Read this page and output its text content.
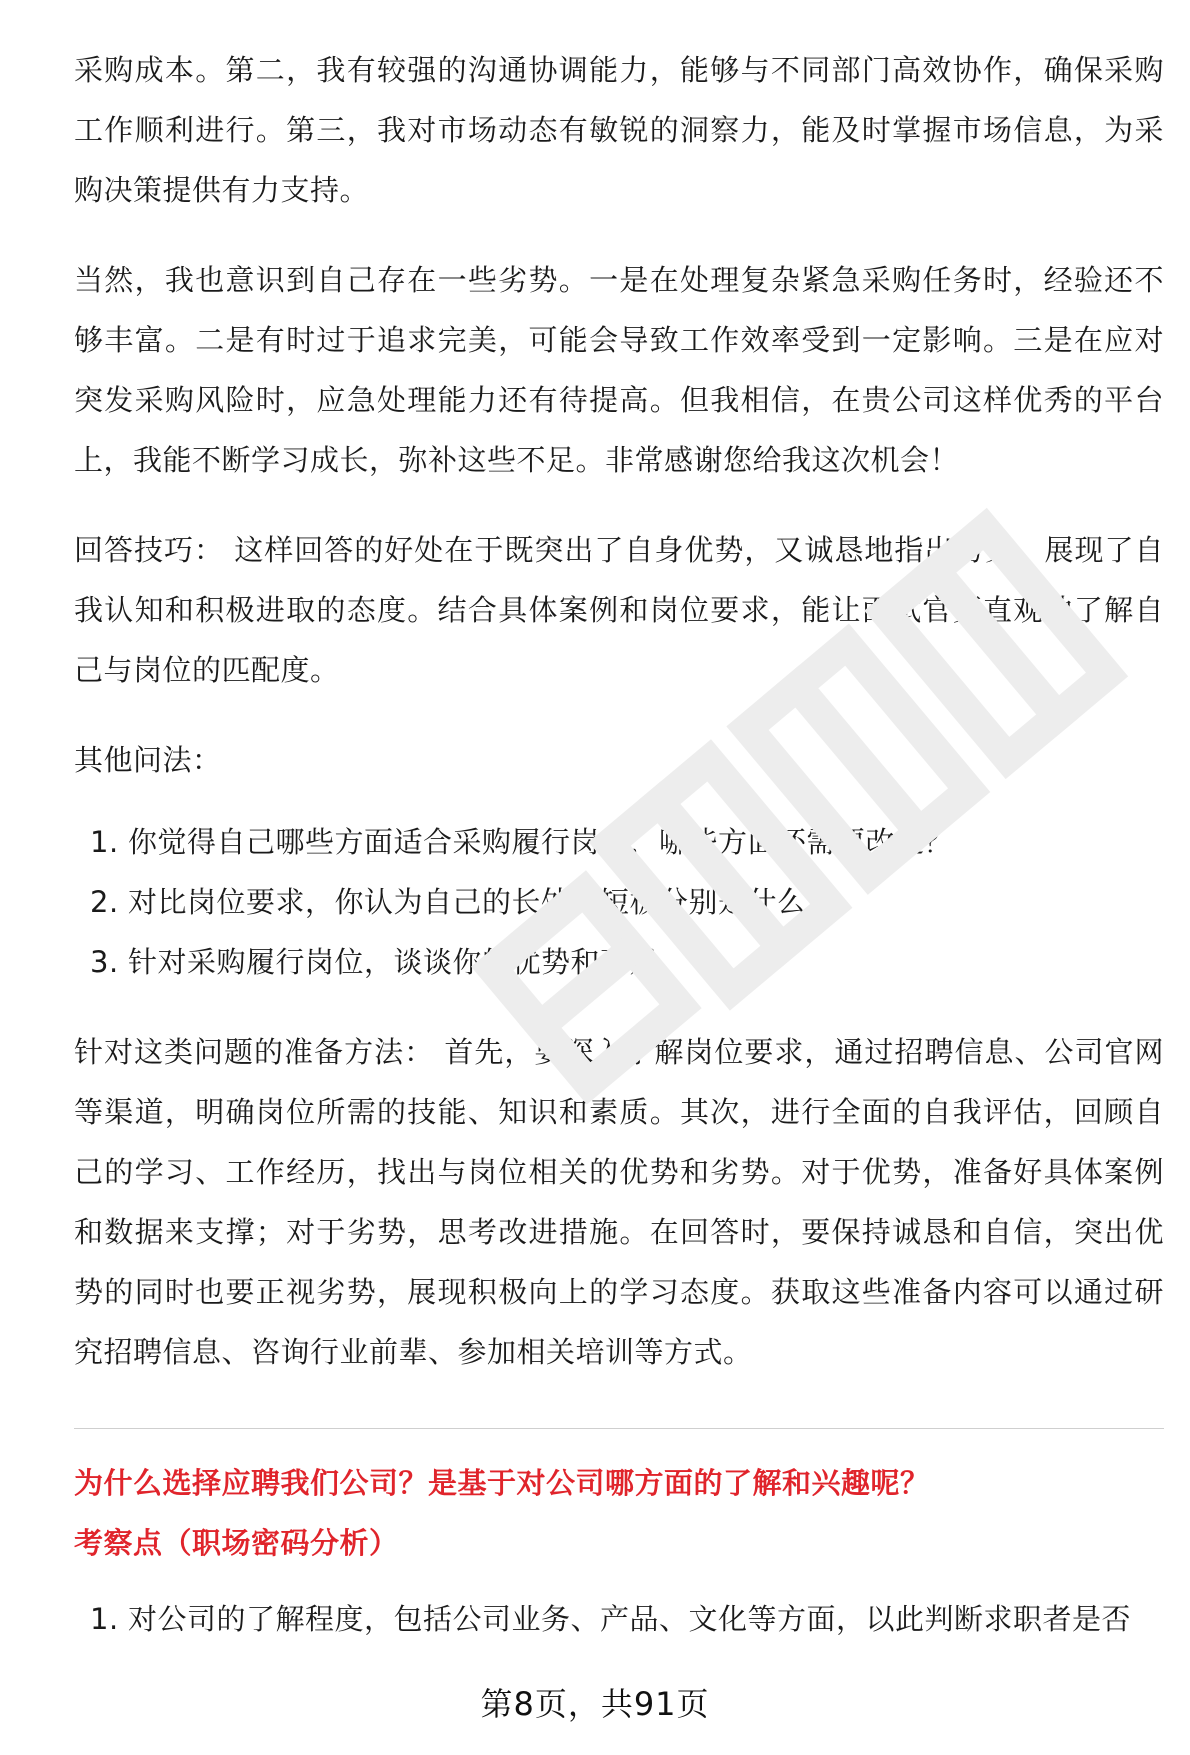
采购成本。第二，我有较强的沟通协调能力，能够与不同部门高效协作，确保采购工作顺利进行。第三，我对市场动态有敏锐的洞察力，能及时掌握市场信息，为采购决策提供有力支持。

当然，我也意识到自己存在一些劣势。一是在处理复杂紧急采购任务时，经验还不够丰富。二是有时过于追求完美，可能会导致工作效率受到一定影响。三是在应对突发采购风险时，应急处理能力还有待提高。但我相信，在贵公司这样优秀的平台上，我能不断学习成长，弥补这些不足。非常感谢您给我这次机会！

回答技巧： 这样回答的好处在于既突出了自身优势，又诚恳地指出劣势，展现了自我认知和积极进取的态度。结合具体案例和岗位要求，能让面试官更直观地了解自己与岗位的匹配度。

其他问法：

1. 你觉得自己哪些方面适合采购履行岗位，哪些方面还需要改进？
2. 对比岗位要求，你认为自己的长处和短板分别是什么？
3. 针对采购履行岗位，谈谈你的优势和不足。

针对这类问题的准备方法： 首先，要深入了解岗位要求，通过招聘信息、公司官网等渠道，明确岗位所需的技能、知识和素质。其次，进行全面的自我评估，回顾自己的学习、工作经历，找出与岗位相关的优势和劣势。对于优势，准备好具体案例和数据来支撑；对于劣势，思考改进措施。在回答时，要保持诚恳和自信，突出优势的同时也要正视劣势，展现积极向上的学习态度。获取这些准备内容可以通过研究招聘信息、咨询行业前辈、参加相关培训等方式。

为什么选择应聘我们公司？是基于对公司哪方面的了解和兴趣呢？
考察点（职场密码分析）
1. 对公司的了解程度，包括公司业务、产品、文化等方面，以此判断求职者是否
第8页，共91页
